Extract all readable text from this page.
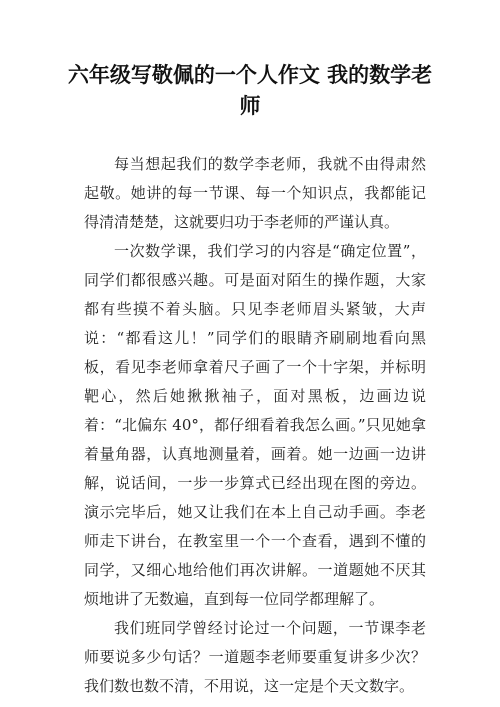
六年级写敬佩的一个人作文 我的数学老师

每当想起我们的数学李老师，我就不由得肃然起敬。她讲的每一节课、每一个知识点，我都能记得清清楚楚，这就要归功于李老师的严谨认真。

一次数学课，我们学习的内容是“确定位置”，同学们都很感兴趣。可是面对陌生的操作题，大家都有些摸不着头脑。只见李老师眉头紧皱，大声说：“都看这儿！”同学们的眼睛齐刷刷地看向黑板，看见李老师拿着尺子画了一个十字架，并标明靶心，然后她揪揪袖子，面对黑板，边画边说着：“北偏东 40°，都仔细看着我怎么画。”只见她拿着量角器，认真地测量着，画着。她一边画一边讲解，说话间，一步一步算式已经出现在图的旁边。演示完毕后，她又让我们在本上自己动手画。李老师走下讲台，在教室里一个一个查看，遇到不懂的同学，又细心地给他们再次讲解。一道题她不厌其烦地讲了无数遍，直到每一位同学都理解了。

我们班同学曾经讨论过一个问题，一节课李老师要说多少句话？一道题李老师要重复讲多少次？我们数也数不清，不用说，这一定是个天文数字。
